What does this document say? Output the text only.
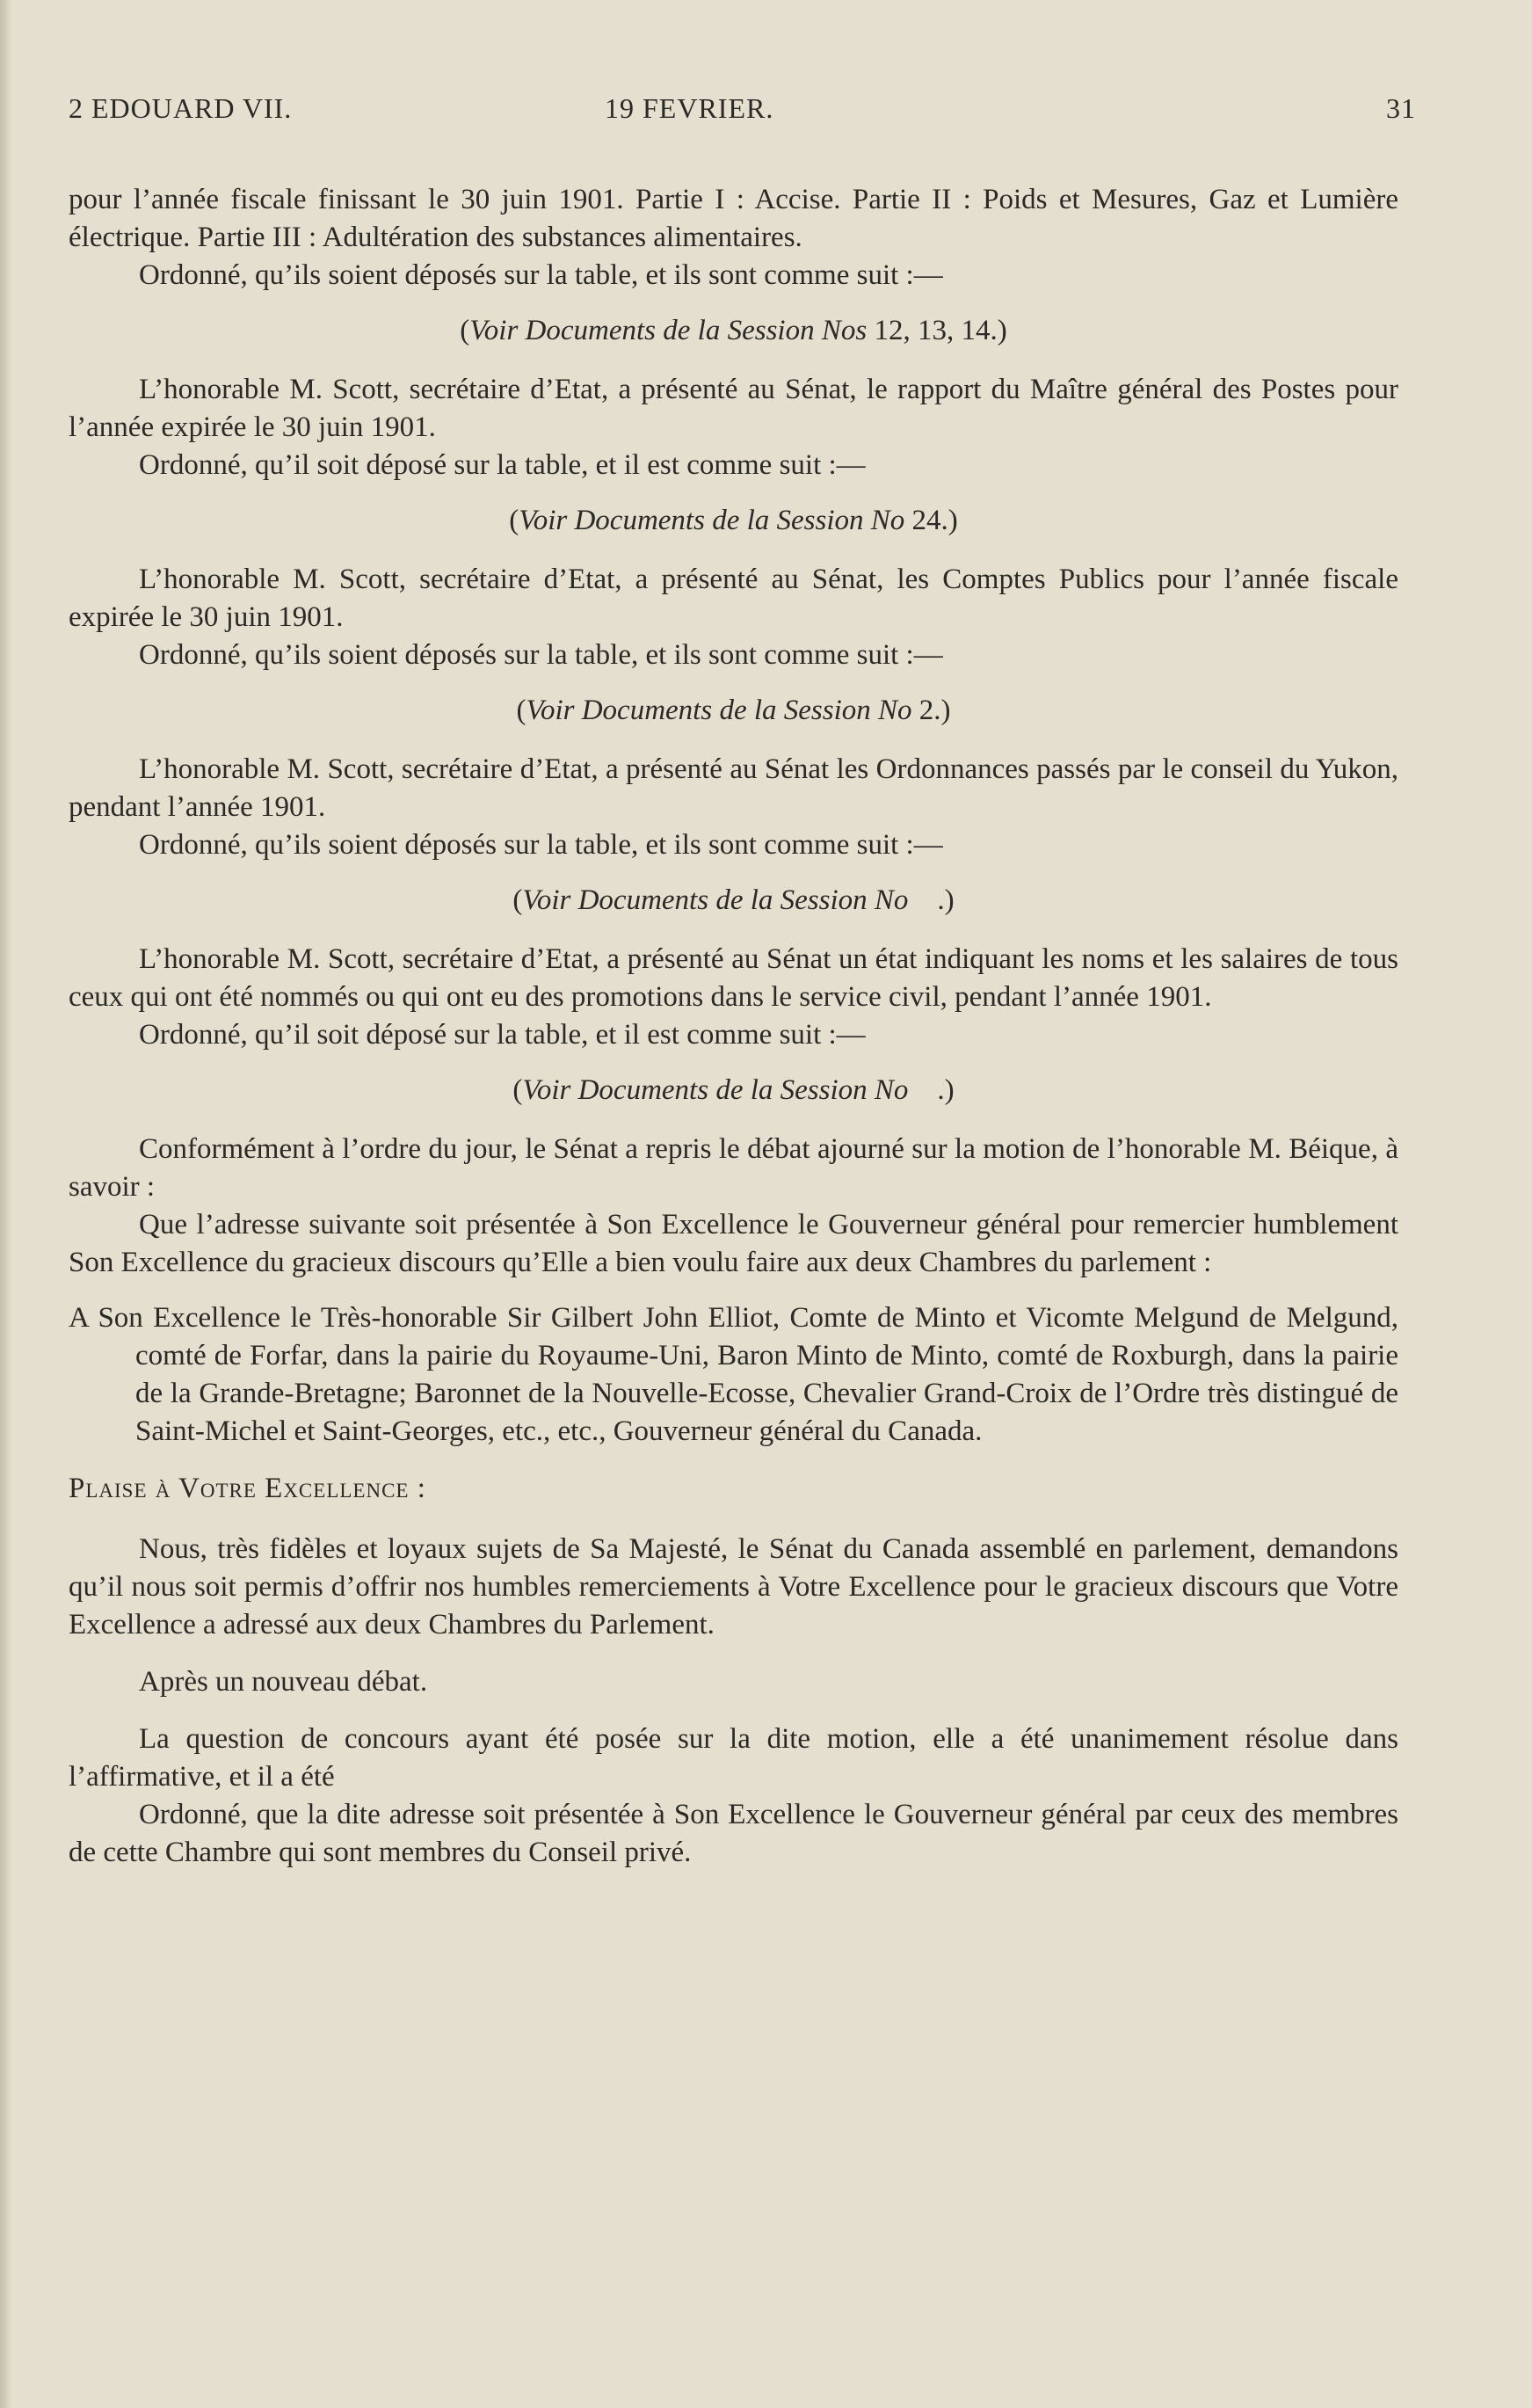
2 EDOUARD VII.	19 FEVRIER.	31

pour l’année fiscale finissant le 30 juin 1901. Partie I : Accise. Partie II : Poids et Mesures, Gaz et Lumière électrique. Partie III : Adultération des substances alimentaires.

Ordonné, qu’ils soient déposés sur la table, et ils sont comme suit :—

(Voir Documents de la Session Nos 12, 13, 14.)

L’honorable M. Scott, secrétaire d’Etat, a présenté au Sénat, le rapport du Maître général des Postes pour l’année expirée le 30 juin 1901.

Ordonné, qu’il soit déposé sur la table, et il est comme suit :—

(Voir Documents de la Session No 24.)

L’honorable M. Scott, secrétaire d’Etat, a présenté au Sénat, les Comptes Publics pour l’année fiscale expirée le 30 juin 1901.

Ordonné, qu’ils soient déposés sur la table, et ils sont comme suit :—

(Voir Documents de la Session No 2.)

L’honorable M. Scott, secrétaire d’Etat, a présenté au Sénat les Ordonnances passés par le conseil du Yukon, pendant l’année 1901.

Ordonné, qu’ils soient déposés sur la table, et ils sont comme suit :—

(Voir Documents de la Session No    .)

L’honorable M. Scott, secrétaire d’Etat, a présenté au Sénat un état indiquant les noms et les salaires de tous ceux qui ont été nommés ou qui ont eu des promotions dans le service civil, pendant l’année 1901.

Ordonné, qu’il soit déposé sur la table, et il est comme suit :—

(Voir Documents de la Session No    .)

Conformément à l’ordre du jour, le Sénat a repris le débat ajourné sur la motion de l’honorable M. Béique, à savoir :

Que l’adresse suivante soit présentée à Son Excellence le Gouverneur général pour remercier humblement Son Excellence du gracieux discours qu’Elle a bien voulu faire aux deux Chambres du parlement :

A Son Excellence le Très-honorable Sir Gilbert John Elliot, Comte de Minto et Vicomte Melgund de Melgund, comté de Forfar, dans la pairie du Royaume-Uni, Baron Minto de Minto, comté de Roxburgh, dans la pairie de la Grande-Bretagne; Baronnet de la Nouvelle-Ecosse, Chevalier Grand-Croix de l’Ordre très distingué de Saint-Michel et Saint-Georges, etc., etc., Gouverneur général du Canada.

Plaise à Votre Excellence :

Nous, très fidèles et loyaux sujets de Sa Majesté, le Sénat du Canada assemblé en parlement, demandons qu’il nous soit permis d’offrir nos humbles remerciements à Votre Excellence pour le gracieux discours que Votre Excellence a adressé aux deux Chambres du Parlement.

Après un nouveau débat.

La question de concours ayant été posée sur la dite motion, elle a été unanimement résolue dans l’affirmative, et il a été

Ordonné, que la dite adresse soit présentée à Son Excellence le Gouverneur général par ceux des membres de cette Chambre qui sont membres du Conseil privé.
